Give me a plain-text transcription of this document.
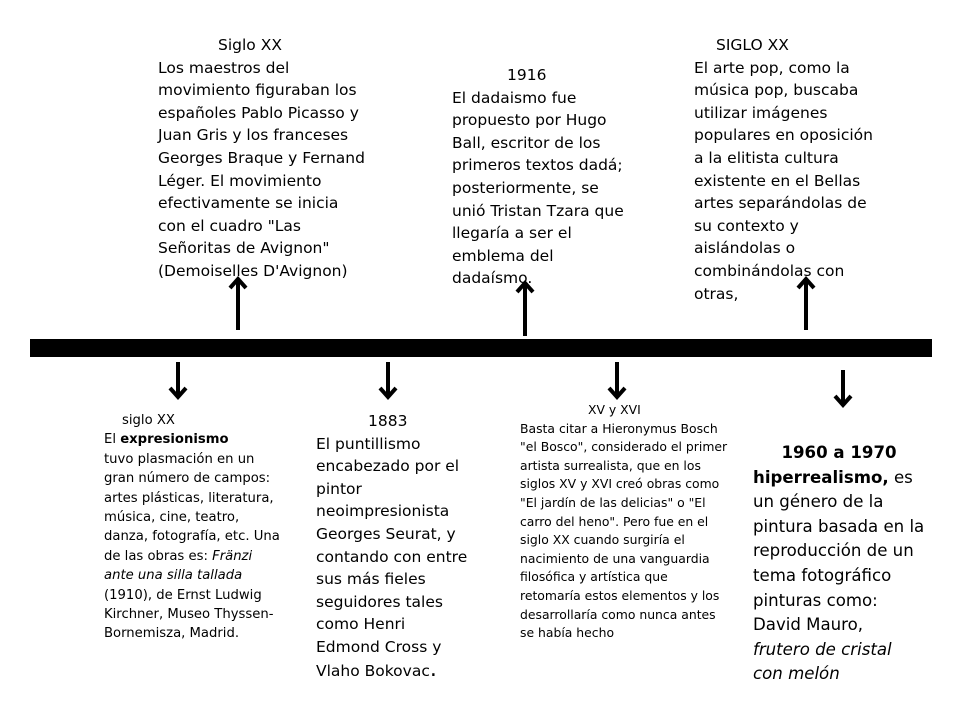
Siglo XX
Los maestros del movimiento figuraban los españoles Pablo Picasso y Juan Gris y los franceses Georges Braque y Fernand Léger. El movimiento efectivamente se inicia con el cuadro "Las Señoritas de Avignon" (Demoiselles D'Avignon)
1916
El dadaismo fue propuesto por Hugo Ball, escritor de los primeros textos dadá; posteriormente, se unió Tristan Tzara que llegaría a ser el emblema del dadaísmo.
SIGLO XX
El arte pop, como la música pop, buscaba utilizar imágenes populares en oposición a la elitista cultura existente en el Bellas artes separándolas de su contexto y aislándolas o combinándolas con otras,
siglo XX
El expresionismo
tuvo plasmación en un gran número de campos: artes plásticas, literatura, música, cine, teatro, danza, fotografía, etc. Una de las obras es: Fränzi ante una silla tallada (1910), de Ernst Ludwig Kirchner, Museo Thyssen-Bornemisza, Madrid.
1883
El puntillismo encabezado por el pintor neoimpresionista Georges Seurat, y contando con entre sus más fieles seguidores tales como Henri Edmond Cross y Vlaho Bokovac.
XV y XVI
Basta citar a Hieronymus Bosch "el Bosco", considerado el primer artista surrealista, que en los siglos XV y XVI creó obras como "El jardín de las delicias" o "El carro del heno". Pero fue en el siglo XX cuando surgiría el nacimiento de una vanguardia filosófica y artística que retomaría estos elementos y los desarrollaría como nunca antes se había hecho
1960 a 1970
hiperrealismo, es un género de la pintura basada en la reproducción de un tema fotográfico pinturas como: David Mauro, frutero de cristal con melón
